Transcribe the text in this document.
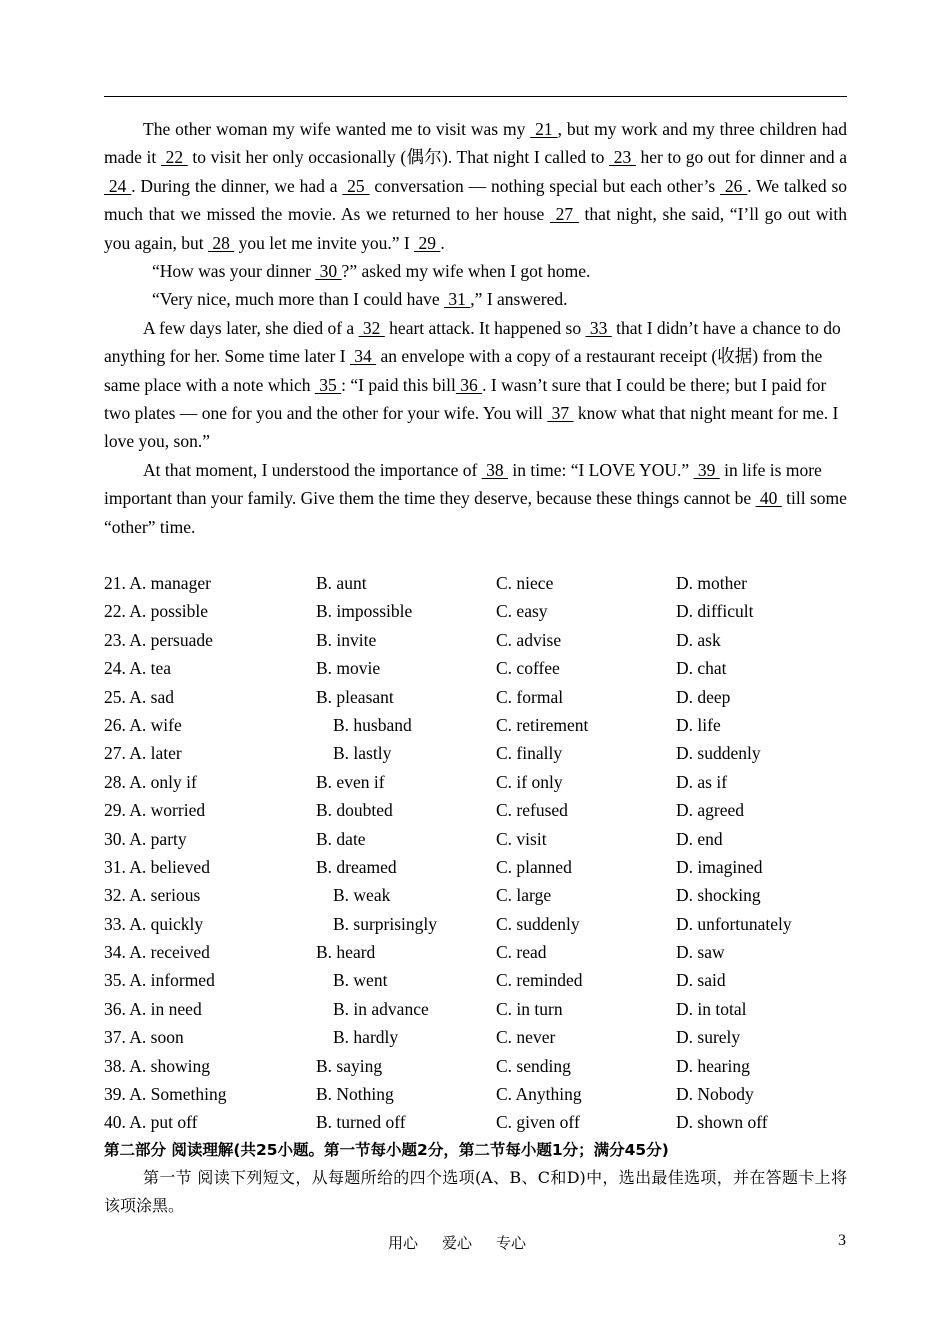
The other woman my wife wanted me to visit was my  21 , but my work and my three children had made it  22  to visit her only occasionally (偶尔). That night I called to  23  her to go out for dinner and a  24 . During the dinner, we had a  25  conversation — nothing special but each other’s  26 . We talked so much that we missed the movie. As we returned to her house  27  that night, she said, “I’ll go out with you again, but  28  you let me invite you.” I  29 .

“How was your dinner  30 ?” asked my wife when I got home.

“Very nice, much more than I could have  31 ,” I answered.

A few days later, she died of a  32  heart attack. It happened so  33  that I didn’t have a chance to do anything for her. Some time later I  34  an envelope with a copy of a restaurant receipt (收据) from the same place with a note which  35 : “I paid this bill 36 . I wasn’t sure that I could be there; but I paid for two plates — one for you and the other for your wife. You will  37  know what that night meant for me. I love you, son.”

At that moment, I understood the importance of  38  in time: “I LOVE YOU.”  39  in life is more important than your family. Give them the time they deserve, because these things cannot be  40  till some “other” time.

21. A. manager	B. aunt	C. niece	D. mother
22. A. possible	B. impossible	C. easy	D. difficult
23. A. persuade	B. invite	C. advise	D. ask
24. A. tea	B. movie	C. coffee	D. chat
25. A. sad	B. pleasant	C. formal	D. deep
26. A. wife	B. husband	C. retirement	D. life
27. A. later	B. lastly	C. finally	D. suddenly
28. A. only if	B. even if	C. if only	D. as if
29. A. worried	B. doubted	C. refused	D. agreed
30. A. party	B. date	C. visit	D. end
31. A. believed	B. dreamed	C. planned	D. imagined
32. A. serious	B. weak	C. large	D. shocking
33. A. quickly	B. surprisingly	C. suddenly	D. unfortunately
34. A. received	B. heard	C. read	D. saw
35. A. informed	B. went	C. reminded	D. said
36. A. in need	B. in advance	C. in turn	D. in total
37. A. soon	B. hardly	C. never	D. surely
38. A. showing	B. saying	C. sending	D. hearing
39. A. Something	B. Nothing	C. Anything	D. Nobody
40. A. put off	B. turned off	C. given off	D. shown off
第二部分 阅读理解(共25小题。第一节每小题2分，第二节每小题1分；满分45分)

第一节 阅读下列短文，从每题所给的四个选项(A、B、C和D)中，选出最佳选项，并在答题卡上将该项涂黑。

用心 爱心 专心	3
